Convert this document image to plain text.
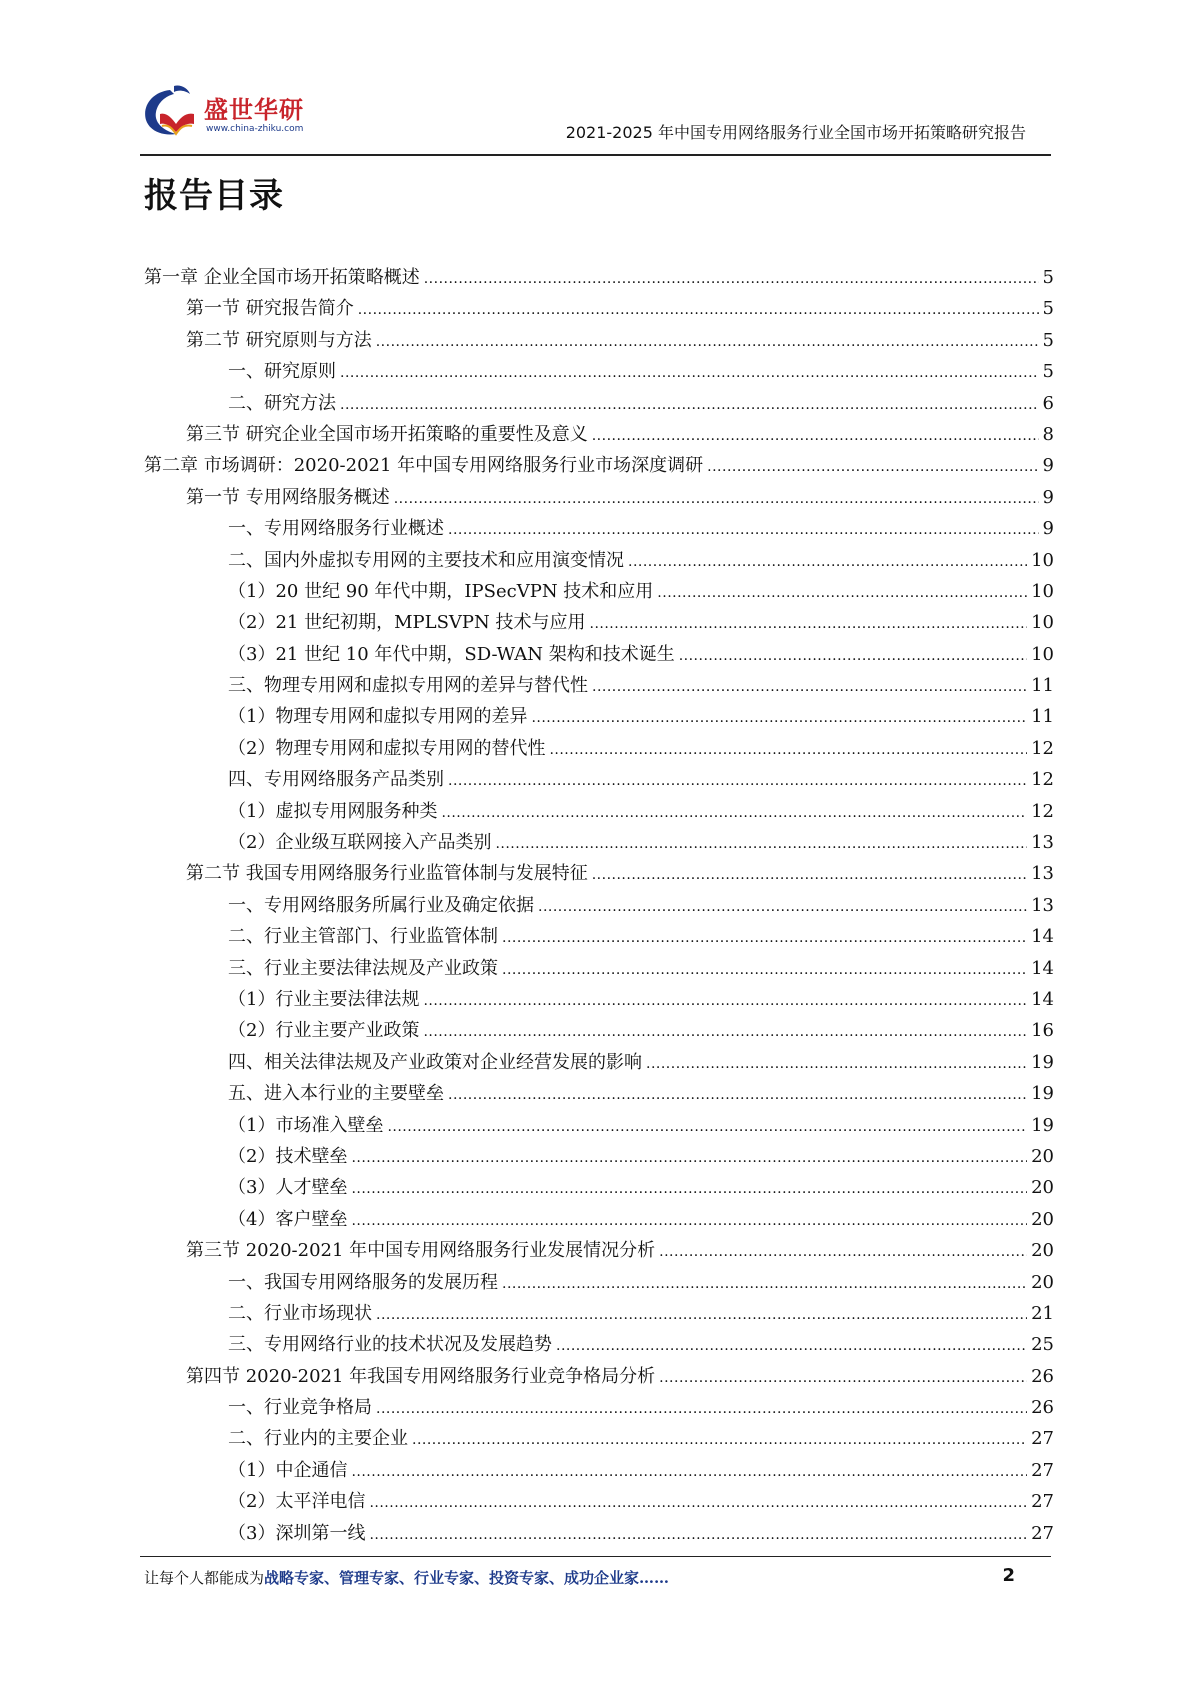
盛世华研
www.china-zhiku.com	2021-2025 年中国专用网络服务行业全国市场开拓策略研究报告
报告目录
第一章 企业全国市场开拓策略概述 .....	5
第一节 研究报告简介 .....	5
第二节 研究原则与方法 .....	5
一、研究原则 .....	5
二、研究方法 .....	6
第三节 研究企业全国市场开拓策略的重要性及意义 .....	8
第二章 市场调研：2020-2021 年中国专用网络服务行业市场深度调研 .....	9
第一节 专用网络服务概述 .....	9
一、专用网络服务行业概述 .....	9
二、国内外虚拟专用网的主要技术和应用演变情况 .....	10
（1）20 世纪 90 年代中期，IPSecVPN 技术和应用 .....	10
（2）21 世纪初期，MPLSVPN 技术与应用 .....	10
（3）21 世纪 10 年代中期，SD-WAN 架构和技术诞生 .....	10
三、物理专用网和虚拟专用网的差异与替代性 .....	11
（1）物理专用网和虚拟专用网的差异 .....	11
（2）物理专用网和虚拟专用网的替代性 .....	12
四、专用网络服务产品类别 .....	12
（1）虚拟专用网服务种类 .....	12
（2）企业级互联网接入产品类别 .....	13
第二节 我国专用网络服务行业监管体制与发展特征 .....	13
一、专用网络服务所属行业及确定依据 .....	13
二、行业主管部门、行业监管体制 .....	14
三、行业主要法律法规及产业政策 .....	14
（1）行业主要法律法规 .....	14
（2）行业主要产业政策 .....	16
四、相关法律法规及产业政策对企业经营发展的影响 .....	19
五、进入本行业的主要壁垒 .....	19
（1）市场准入壁垒 .....	19
（2）技术壁垒 .....	20
（3）人才壁垒 .....	20
（4）客户壁垒 .....	20
第三节 2020-2021 年中国专用网络服务行业发展情况分析 .....	20
一、我国专用网络服务的发展历程 .....	20
二、行业市场现状 .....	21
三、专用网络行业的技术状况及发展趋势 .....	25
第四节 2020-2021 年我国专用网络服务行业竞争格局分析 .....	26
一、行业竞争格局 .....	26
二、行业内的主要企业 .....	27
（1）中企通信 .....	27
（2）太平洋电信 .....	27
（3）深圳第一线 .....	27
让每个人都能成为战略专家、管理专家、行业专家、投资专家、成功企业家……	2
